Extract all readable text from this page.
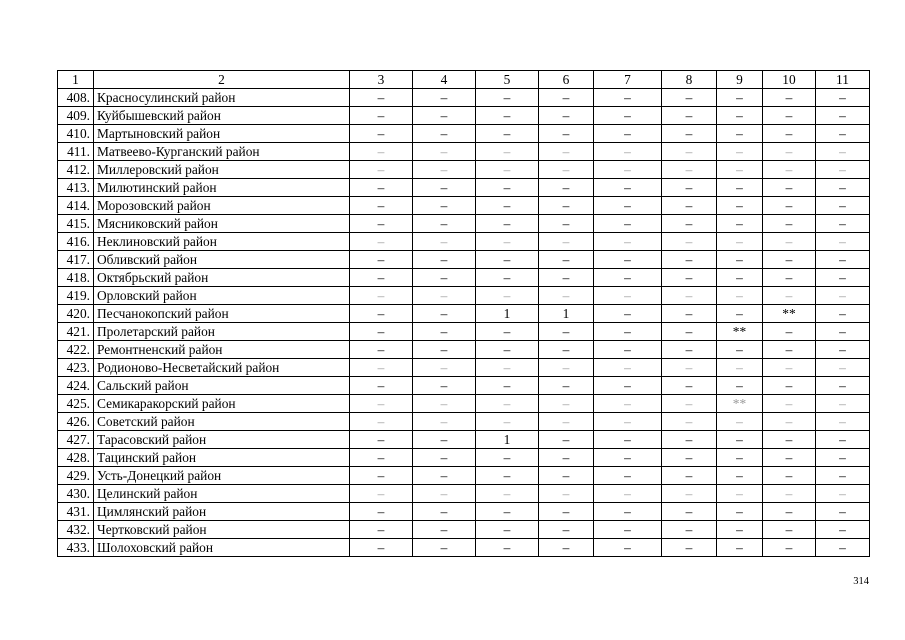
1	2	3	4	5	6	7	8	9	10	11
408.	Красносулинский район	–	–	–	–	–	–	–	–	–
409.	Куйбышевский район	–	–	–	–	–	–	–	–	–
410.	Мартыновский район	–	–	–	–	–	–	–	–	–
411.	Матвеево-Курганский район	–	–	–	–	–	–	–	–	–
412.	Миллеровский район	–	–	–	–	–	–	–	–	–
413.	Милютинский район	–	–	–	–	–	–	–	–	–
414.	Морозовский район	–	–	–	–	–	–	–	–	–
415.	Мясниковский район	–	–	–	–	–	–	–	–	–
416.	Неклиновский район	–	–	–	–	–	–	–	–	–
417.	Обливский район	–	–	–	–	–	–	–	–	–
418.	Октябрьский район	–	–	–	–	–	–	–	–	–
419.	Орловский район	–	–	–	–	–	–	–	–	–
420.	Песчанокопский район	–	–	1	1	–	–	–	**	–
421.	Пролетарский район	–	–	–	–	–	–	**	–	–
422.	Ремонтненский район	–	–	–	–	–	–	–	–	–
423.	Родионово-Несветайский район	–	–	–	–	–	–	–	–	–
424.	Сальский район	–	–	–	–	–	–	–	–	–
425.	Семикаракорский район	–	–	–	–	–	–	**	–	–
426.	Советский район	–	–	–	–	–	–	–	–	–
427.	Тарасовский район	–	–	1	–	–	–	–	–	–
428.	Тацинский район	–	–	–	–	–	–	–	–	–
429.	Усть-Донецкий район	–	–	–	–	–	–	–	–	–
430.	Целинский район	–	–	–	–	–	–	–	–	–
431.	Цимлянский район	–	–	–	–	–	–	–	–	–
432.	Чертковский район	–	–	–	–	–	–	–	–	–
433.	Шолоховский район	–	–	–	–	–	–	–	–	–
314
